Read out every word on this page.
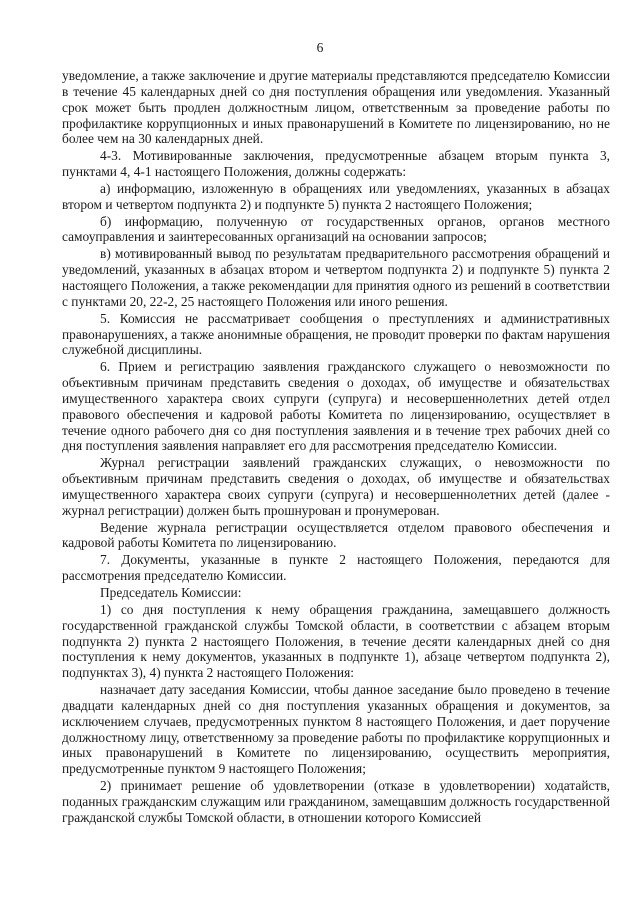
6

уведомление, а также заключение и другие материалы представляются председателю Комиссии в течение 45 календарных дней со дня поступления обращения или уведомления. Указанный срок может быть продлен должностным лицом, ответственным за проведение работы по профилактике коррупционных и иных правонарушений в Комитете по лицензированию, но не более чем на 30 календарных дней.

4-3. Мотивированные заключения, предусмотренные абзацем вторым пункта 3, пунктами 4, 4-1 настоящего Положения, должны содержать:

а) информацию, изложенную в обращениях или уведомлениях, указанных в абзацах втором и четвертом подпункта 2) и подпункте 5) пункта 2 настоящего Положения;

б) информацию, полученную от государственных органов, органов местного самоуправления и заинтересованных организаций на основании запросов;

в) мотивированный вывод по результатам предварительного рассмотрения обращений и уведомлений, указанных в абзацах втором и четвертом подпункта 2) и подпункте 5) пункта 2 настоящего Положения, а также рекомендации для принятия одного из решений в соответствии с пунктами 20, 22-2, 25 настоящего Положения или иного решения.

5. Комиссия не рассматривает сообщения о преступлениях и административных правонарушениях, а также анонимные обращения, не проводит проверки по фактам нарушения служебной дисциплины.

6. Прием и регистрацию заявления гражданского служащего о невозможности по объективным причинам представить сведения о доходах, об имуществе и обязательствах имущественного характера своих супруги (супруга) и несовершеннолетних детей отдел правового обеспечения и кадровой работы Комитета по лицензированию, осуществляет в течение одного рабочего дня со дня поступления заявления и в течение трех рабочих дней со дня поступления заявления направляет его для рассмотрения председателю Комиссии.

Журнал регистрации заявлений гражданских служащих, о невозможности по объективным причинам представить сведения о доходах, об имуществе и обязательствах имущественного характера своих супруги (супруга) и несовершеннолетних детей (далее - журнал регистрации) должен быть прошнурован и пронумерован.

Ведение журнала регистрации осуществляется отделом правового обеспечения и кадровой работы Комитета по лицензированию.

7. Документы, указанные в пункте 2 настоящего Положения, передаются для рассмотрения председателю Комиссии.

Председатель Комиссии:

1) со дня поступления к нему обращения гражданина, замещавшего должность государственной гражданской службы Томской области, в соответствии с абзацем вторым подпункта 2) пункта 2 настоящего Положения, в течение десяти календарных дней со дня поступления к нему документов, указанных в подпункте 1), абзаце четвертом подпункта 2), подпунктах 3), 4) пункта 2 настоящего Положения:

назначает дату заседания Комиссии, чтобы данное заседание было проведено в течение двадцати календарных дней со дня поступления указанных обращения и документов, за исключением случаев, предусмотренных пунктом 8 настоящего Положения, и дает поручение должностному лицу, ответственному за проведение работы по профилактике коррупционных и иных правонарушений в Комитете по лицензированию, осуществить мероприятия, предусмотренные пунктом 9 настоящего Положения;

2) принимает решение об удовлетворении (отказе в удовлетворении) ходатайств, поданных гражданским служащим или гражданином, замещавшим должность государственной гражданской службы Томской области, в отношении которого Комиссией
